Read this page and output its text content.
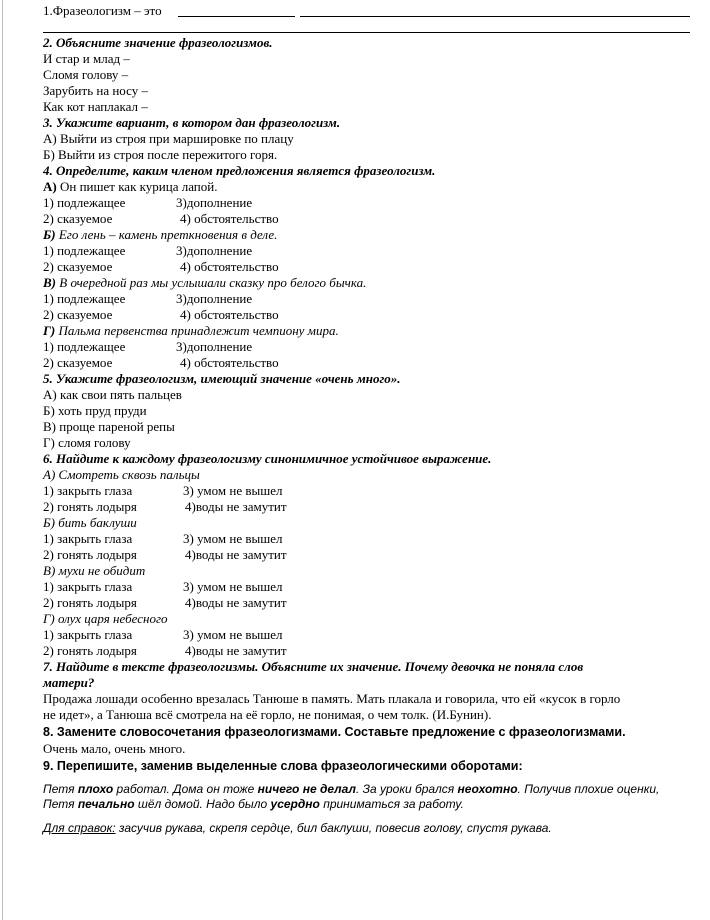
1.Фразеологизм – это
2. Объясните значение фразеологизмов.
И стар и млад –
Сломя голову –
Зарубить на носу –
Как кот наплакал –
3. Укажите вариант, в котором дан фразеологизм.
А) Выйти из строя при маршировке по плацу
Б) Выйти из строя после пережитого горя.
4. Определите, каким членом предложения является фразеологизм.
А) Он пишет как курица лапой.
1) подлежащее	3)дополнение
2) сказуемое	4) обстоятельство
Б) Его лень – камень преткновения в деле.
1) подлежащее	3)дополнение
2) сказуемое	4) обстоятельство
В) В очередной раз мы услышали сказку про белого бычка.
1) подлежащее	3)дополнение
2) сказуемое	4) обстоятельство
Г) Пальма первенства принадлежит чемпиону мира.
1) подлежащее	3)дополнение
2) сказуемое	4) обстоятельство
5. Укажите фразеологизм, имеющий значение «очень много».
А) как свои пять пальцев
Б) хоть пруд пруди
В) проще пареной репы
Г) сломя голову
6. Найдите к каждому фразеологизму синонимичное устойчивое выражение.
А) Смотреть сквозь пальцы
1) закрыть глаза	3) умом не вышел
2) гонять лодыря	4)воды не замутит
Б) бить баклуши
1) закрыть глаза	3) умом не вышел
2) гонять лодыря	4)воды не замутит
В) мухи не обидит
1) закрыть глаза	3) умом не вышел
2) гонять лодыря	4)воды не замутит
Г) олух царя небесного
1) закрыть глаза	3) умом не вышел
2) гонять лодыря	4)воды не замутит
7. Найдите в тексте фразеологизмы. Объясните их значение. Почему девочка не поняла слов
матери?
Продажа лошади особенно врезалась Танюше в память. Мать плакала и говорила, что ей «кусок в горло
не идет», а Танюша всё смотрела на её горло, не понимая, о чем толк. (И.Бунин).
8. Замените словосочетания фразеологизмами. Составьте предложение с фразеологизмами.
Очень мало, очень много.
9. Перепишите, заменив выделенные слова фразеологическими оборотами:
Петя плохо работал. Дома он тоже ничего не делал. За уроки брался неохотно. Получив плохие оценки,
Петя печально шёл домой. Надо было усердно приниматься за работу.
Для справок: засучив рукава, скрепя сердце, бил баклуши, повесив голову, спустя рукава.
